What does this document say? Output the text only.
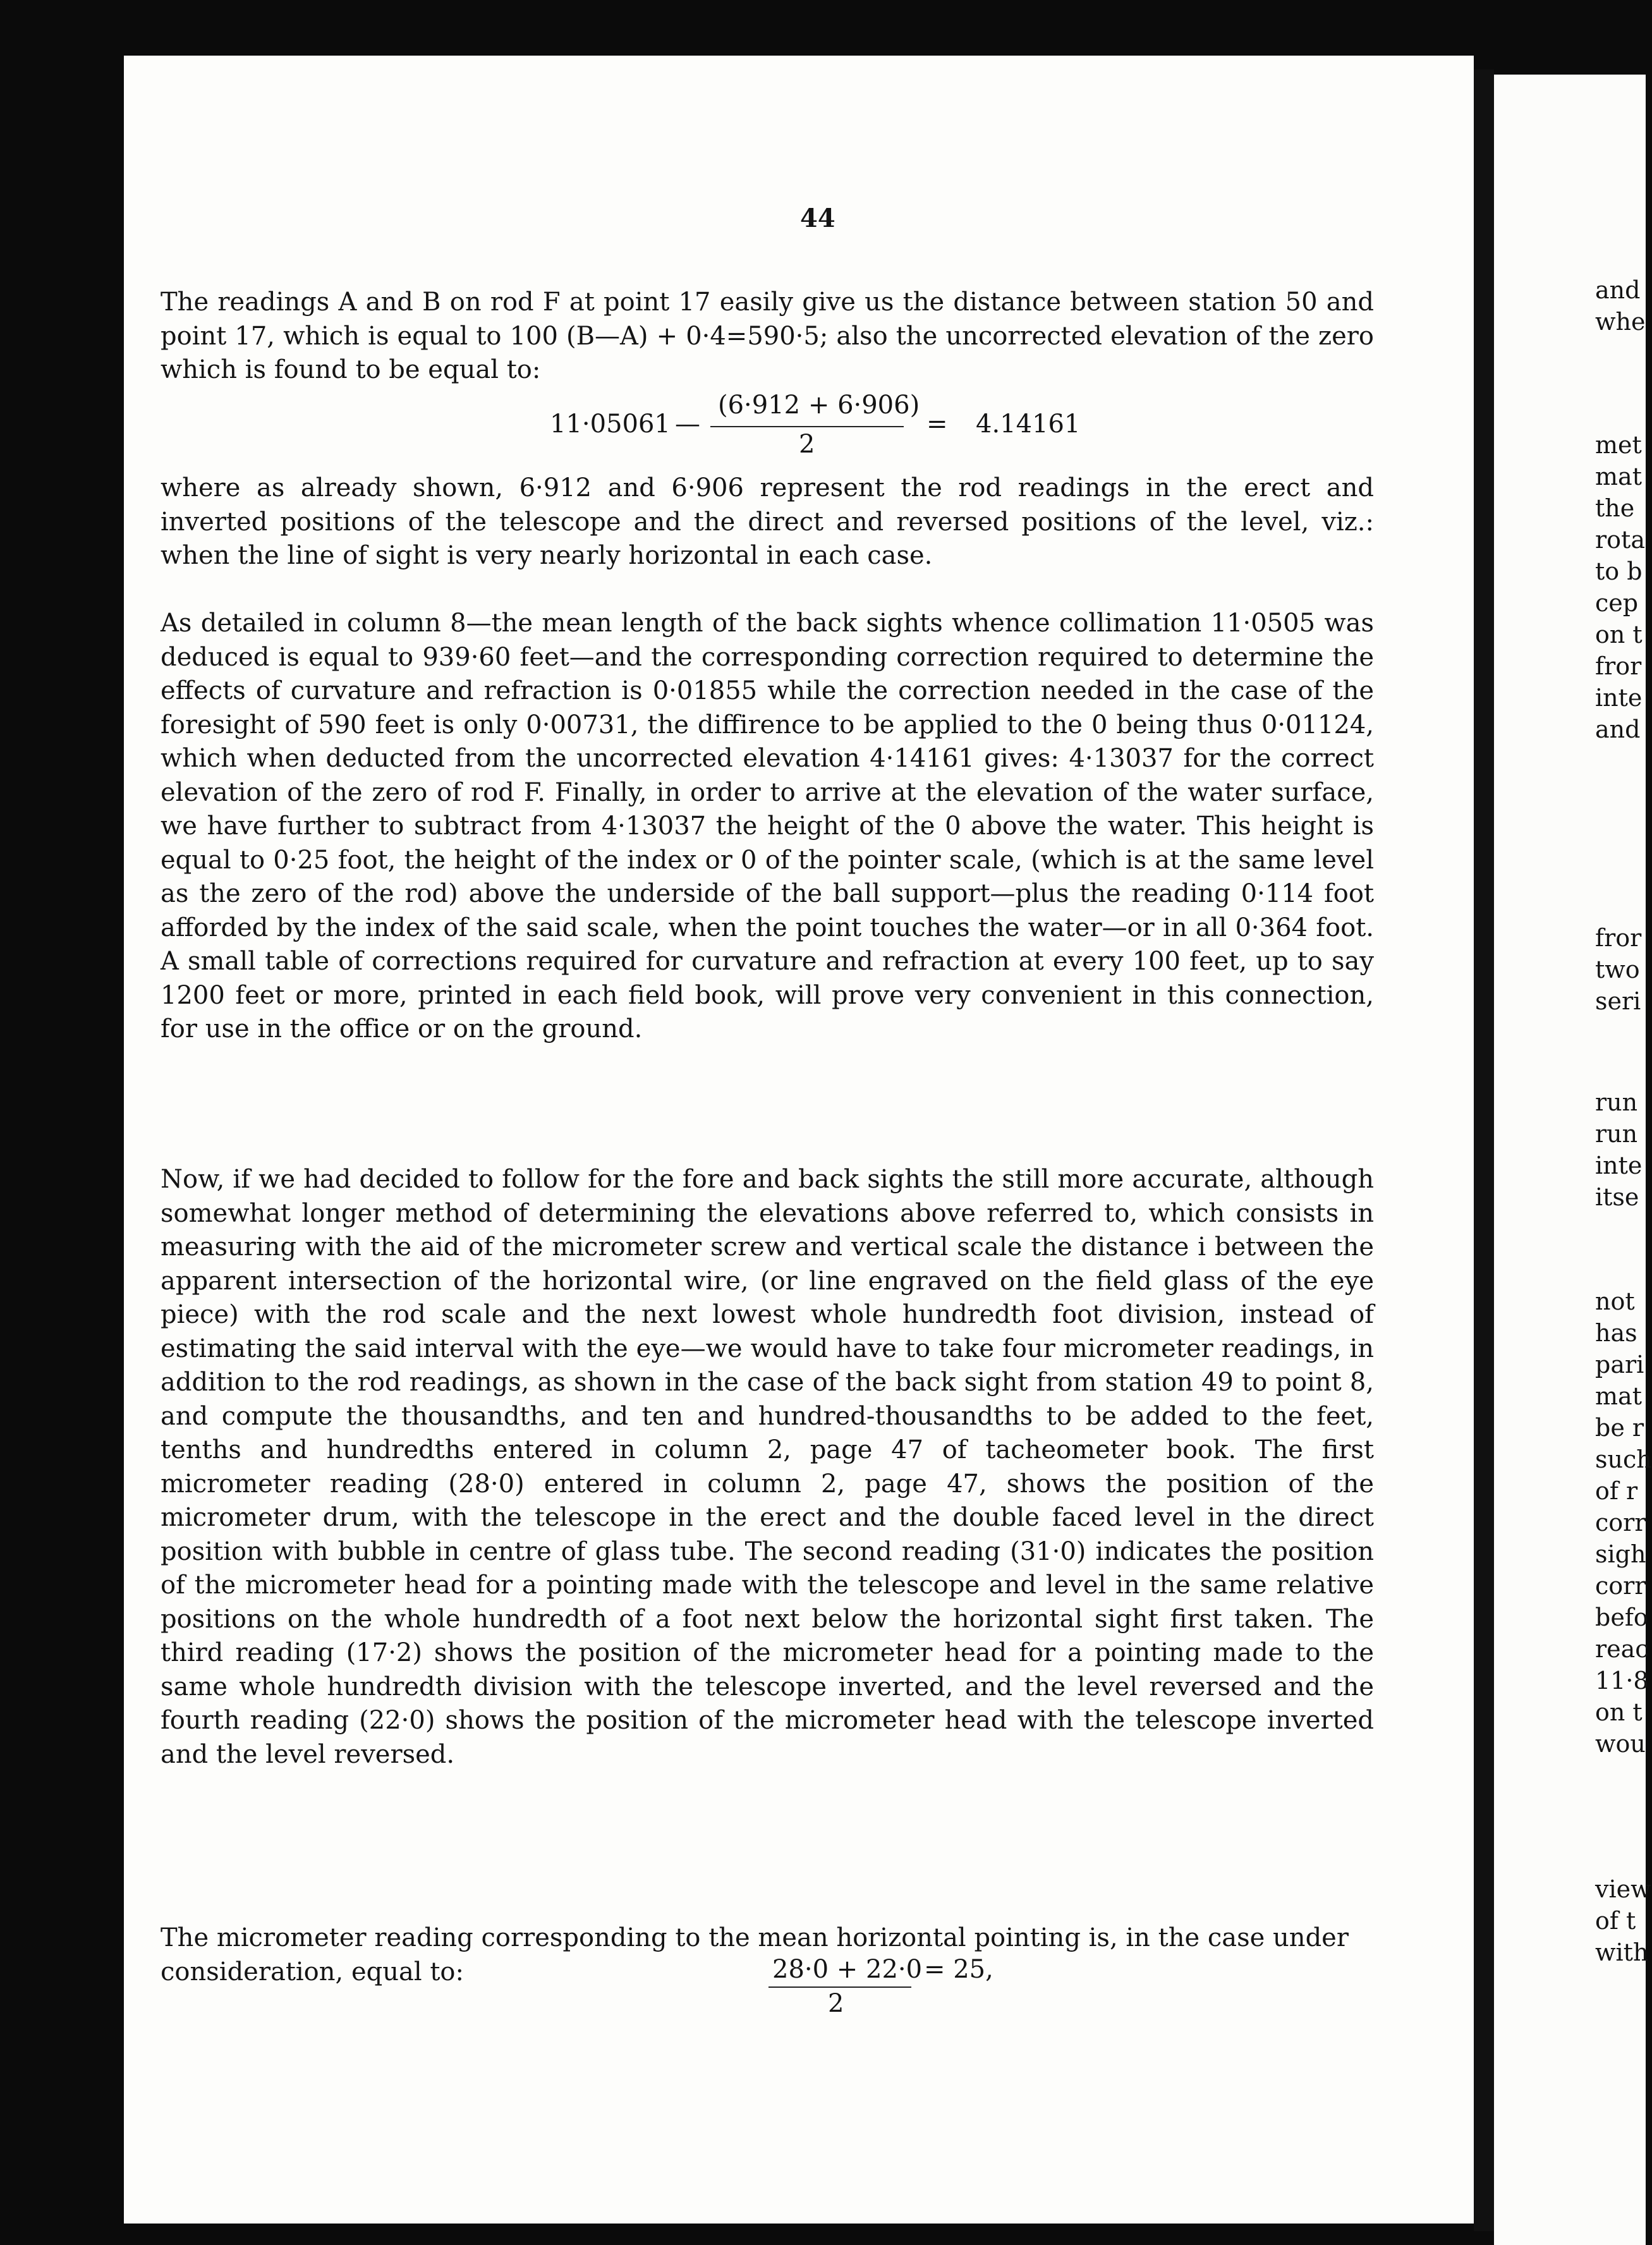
and
whe
met
mat
the
rota
to b
cep
on t
fror
inte
and
fror
two
seri
run
run
inte
itse
not
has
pari
mat
be r
such
of r
corr
sigh
corr
befo
reac
11·8
on t
wou
view
of t
with
44

The readings A and B on rod F at point 17 easily give us the distance between station 50 and point 17, which is equal to 100 (B—A) + 0·4=590·5; also the uncorrected elevation of the zero which is found to be equal to:

11·05061 —
(6·912 + 6·906)
2
= 4.14161

where as already shown, 6·912 and 6·906 represent the rod readings in the erect and inverted positions of the telescope and the direct and reversed positions of the level, viz.: when the line of sight is very nearly horizontal in each case.

As detailed in column 8—the mean length of the back sights whence collimation 11·0505 was deduced is equal to 939·60 feet—and the corresponding correction required to determine the effects of curvature and refraction is 0·01855 while the correction needed in the case of the foresight of 590 feet is only 0·00731, the diffirence to be applied to the 0 being thus 0·01124, which when deducted from the uncorrected elevation 4·14161 gives: 4·13037 for the correct elevation of the zero of rod F. Finally, in order to arrive at the elevation of the water surface, we have further to subtract from 4·13037 the height of the 0 above the water. This height is equal to 0·25 foot, the height of the index or 0 of the pointer scale, (which is at the same level as the zero of the rod) above the underside of the ball support—plus the reading 0·114 foot afforded by the index of the said scale, when the point touches the water—or in all 0·364 foot. A small table of corrections required for curvature and refraction at every 100 feet, up to say 1200 feet or more, printed in each field book, will prove very convenient in this connection, for use in the office or on the ground.

Now, if we had decided to follow for the fore and back sights the still more accurate, although somewhat longer method of determining the elevations above referred to, which consists in measuring with the aid of the micrometer screw and vertical scale the distance i between the apparent intersection of the horizontal wire, (or line engraved on the field glass of the eye piece) with the rod scale and the next lowest whole hundredth foot division, instead of estimating the said interval with the eye—we would have to take four micrometer readings, in addition to the rod readings, as shown in the case of the back sight from station 49 to point 8, and compute the thousandths, and ten and hundred-thousandths to be added to the feet, tenths and hundredths entered in column 2, page 47 of tacheometer book. The first micrometer reading (28·0) entered in column 2, page 47, shows the position of the micrometer drum, with the telescope in the erect and the double faced level in the direct position with bubble in centre of glass tube. The second reading (31·0) indicates the position of the micrometer head for a pointing made with the telescope and level in the same relative positions on the whole hundredth of a foot next below the horizontal sight first taken. The third reading (17·2) shows the position of the micrometer head for a pointing made to the same whole hundredth division with the telescope inverted, and the level reversed and the fourth reading (22·0) shows the position of the micrometer head with the telescope inverted and the level reversed.

The micrometer reading corresponding to the mean horizontal pointing is, in the case under consideration, equal to:	28·0 + 22·0
2
= 25,
